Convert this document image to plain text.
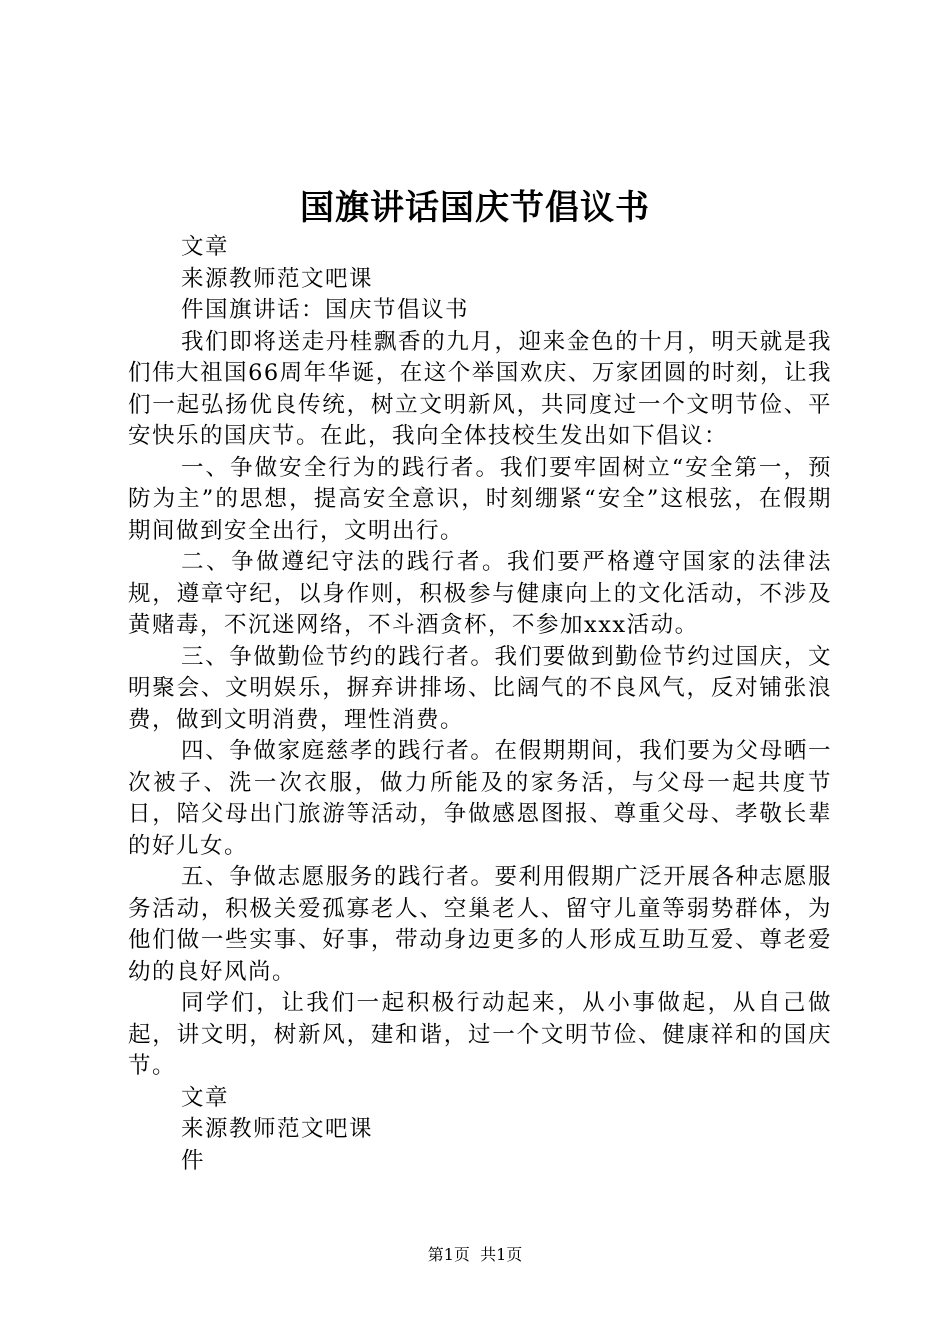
国旗讲话国庆节倡议书

文章

来源教师范文吧课

件国旗讲话：国庆节倡议书

我们即将送走丹桂飘香的九月，迎来金色的十月，明天就是我们伟大祖国66周年华诞，在这个举国欢庆、万家团圆的时刻，让我们一起弘扬优良传统，树立文明新风，共同度过一个文明节俭、平安快乐的国庆节。在此，我向全体技校生发出如下倡议：

一、争做安全行为的践行者。我们要牢固树立“安全第一，预防为主”的思想，提高安全意识，时刻绷紧“安全”这根弦，在假期期间做到安全出行，文明出行。

二、争做遵纪守法的践行者。我们要严格遵守国家的法律法规，遵章守纪，以身作则，积极参与健康向上的文化活动，不涉及黄赌毒，不沉迷网络，不斗酒贪杯，不参加xxx活动。

三、争做勤俭节约的践行者。我们要做到勤俭节约过国庆，文明聚会、文明娱乐，摒弃讲排场、比阔气的不良风气，反对铺张浪费，做到文明消费，理性消费。

四、争做家庭慈孝的践行者。在假期期间，我们要为父母晒一次被子、洗一次衣服，做力所能及的家务活，与父母一起共度节日，陪父母出门旅游等活动，争做感恩图报、尊重父母、孝敬长辈的好儿女。

五、争做志愿服务的践行者。要利用假期广泛开展各种志愿服务活动，积极关爱孤寡老人、空巢老人、留守儿童等弱势群体，为他们做一些实事、好事，带动身边更多的人形成互助互爱、尊老爱幼的良好风尚。

同学们，让我们一起积极行动起来，从小事做起，从自己做起，讲文明，树新风，建和谐，过一个文明节俭、健康祥和的国庆节。

文章

来源教师范文吧课

件

第1页  共1页
